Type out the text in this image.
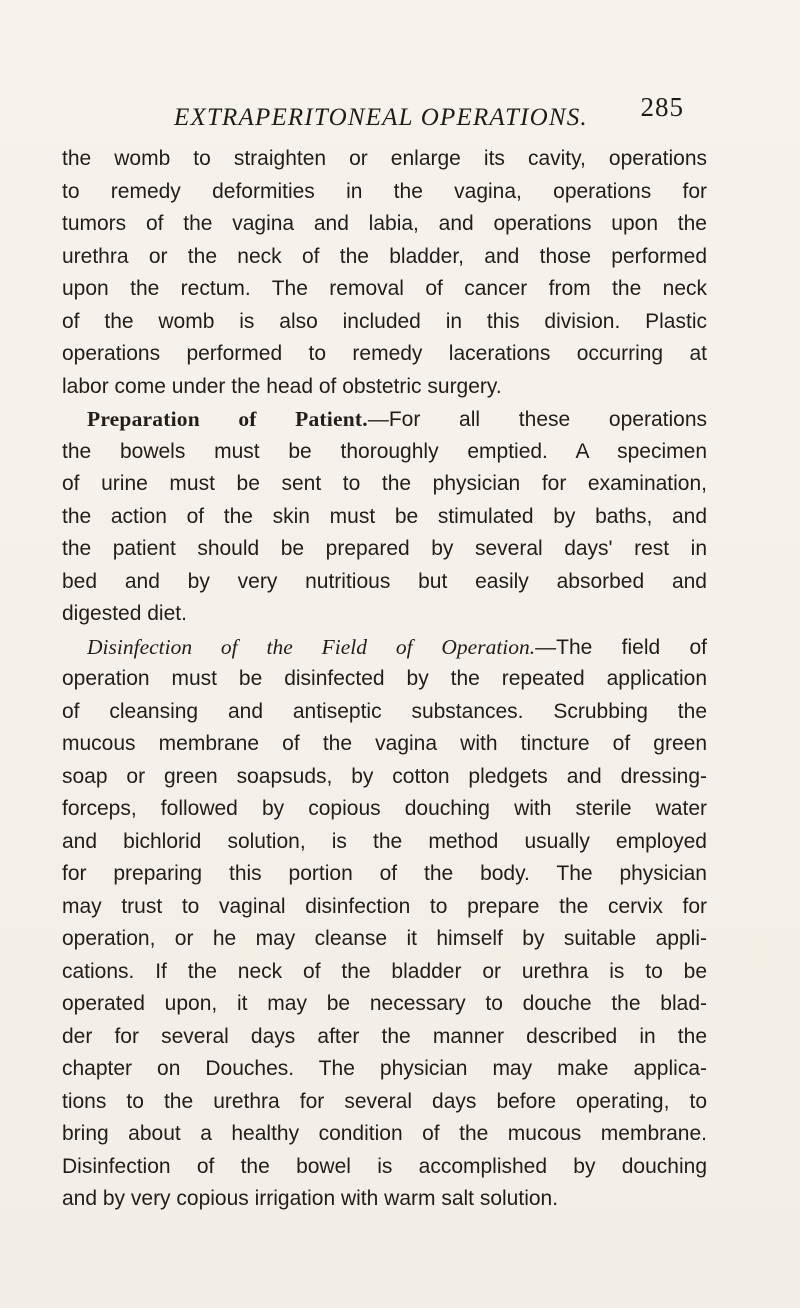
EXTRAPERITONEAL OPERATIONS. 285
the womb to straighten or enlarge its cavity, operations
to remedy deformities in the vagina, operations for
tumors of the vagina and labia, and operations upon the
urethra or the neck of the bladder, and those performed
upon the rectum. The removal of cancer from the neck
of the womb is also included in this division. Plastic
operations performed to remedy lacerations occurring at
labor come under the head of obstetric surgery.
Preparation of Patient.—For all these operations
the bowels must be thoroughly emptied. A specimen
of urine must be sent to the physician for examination,
the action of the skin must be stimulated by baths, and
the patient should be prepared by several days' rest in
bed and by very nutritious but easily absorbed and
digested diet.
Disinfection of the Field of Operation.—The field of
operation must be disinfected by the repeated application
of cleansing and antiseptic substances. Scrubbing the
mucous membrane of the vagina with tincture of green
soap or green soapsuds, by cotton pledgets and dressing-
forceps, followed by copious douching with sterile water
and bichlorid solution, is the method usually employed
for preparing this portion of the body. The physician
may trust to vaginal disinfection to prepare the cervix for
operation, or he may cleanse it himself by suitable appli-
cations. If the neck of the bladder or urethra is to be
operated upon, it may be necessary to douche the blad-
der for several days after the manner described in the
chapter on Douches. The physician may make applica-
tions to the urethra for several days before operating, to
bring about a healthy condition of the mucous membrane.
Disinfection of the bowel is accomplished by douching
and by very copious irrigation with warm salt solution.
